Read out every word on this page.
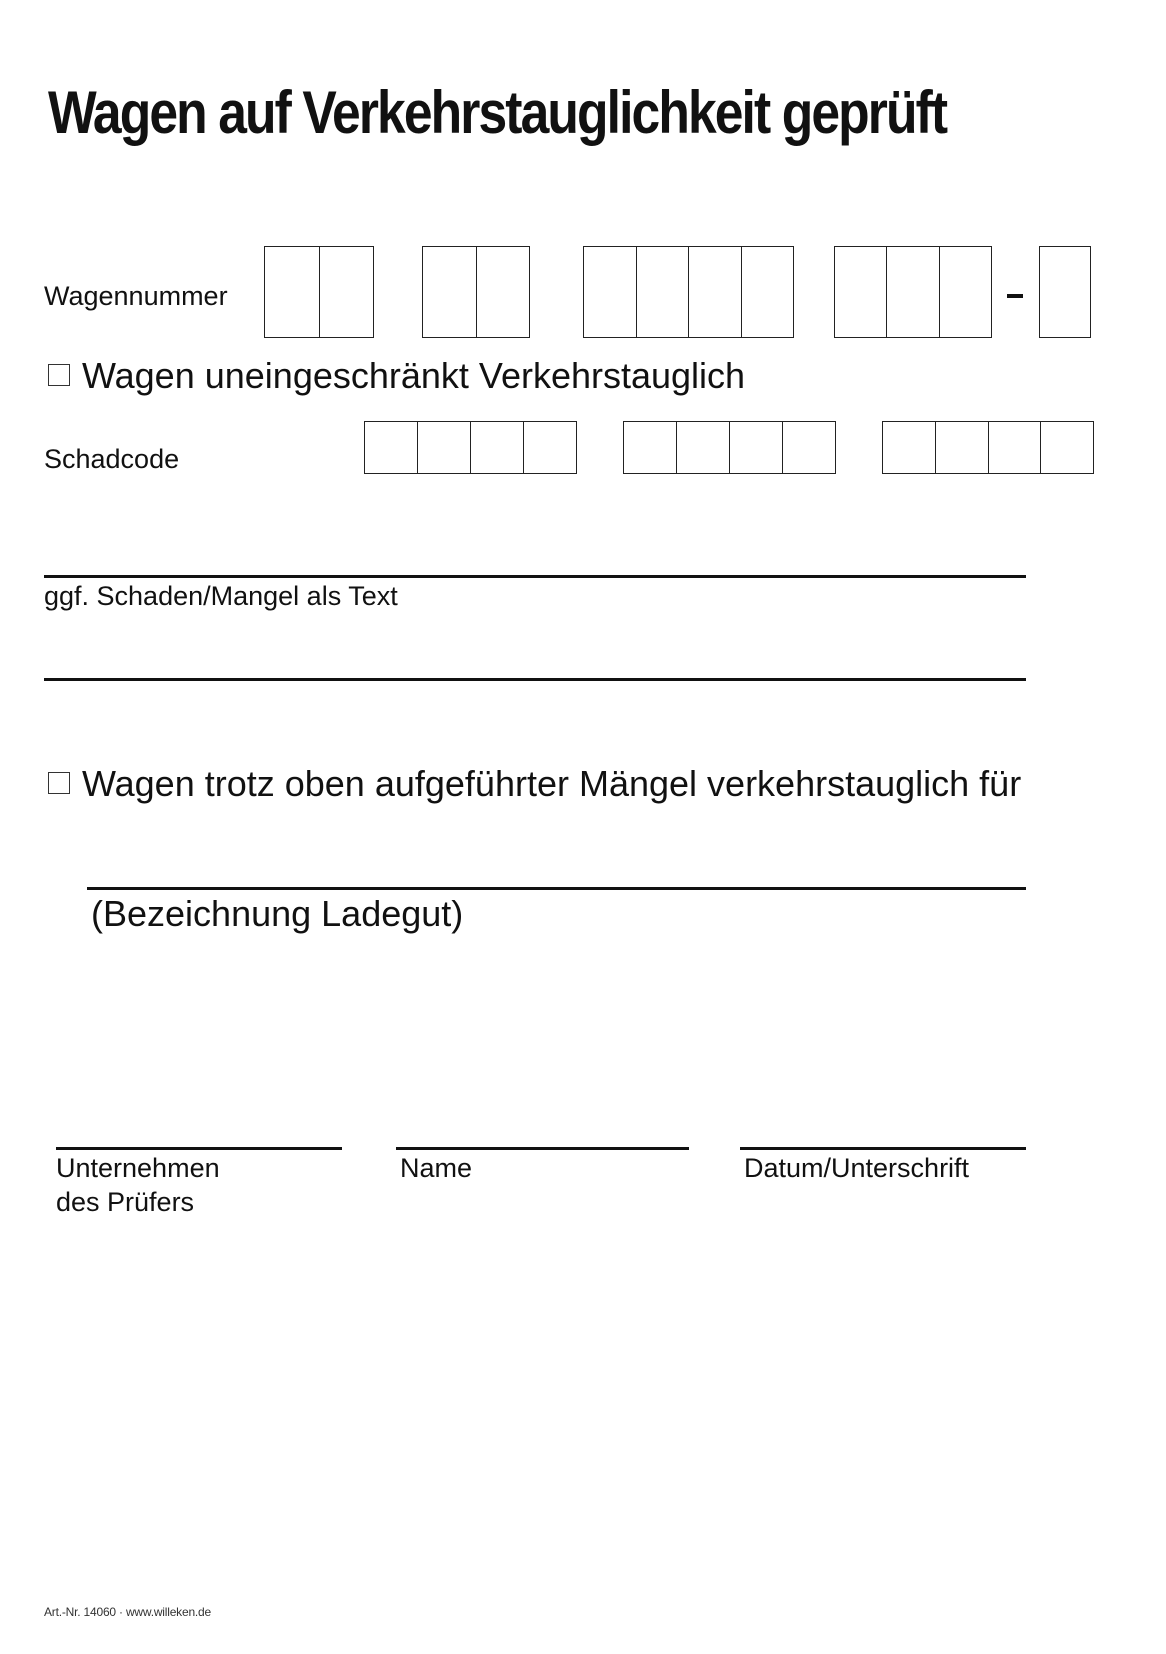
Wagen auf Verkehrstauglichkeit geprüft
Wagennummer
Wagen uneingeschränkt Verkehrstauglich
Schadcode
ggf. Schaden/Mangel als Text
Wagen trotz oben aufgeführter Mängel verkehrstauglich für
(Bezeichnung Ladegut)
Unternehmen
des Prüfers
Name	Datum/Unterschrift
Art.-Nr. 14060 · www.willeken.de
